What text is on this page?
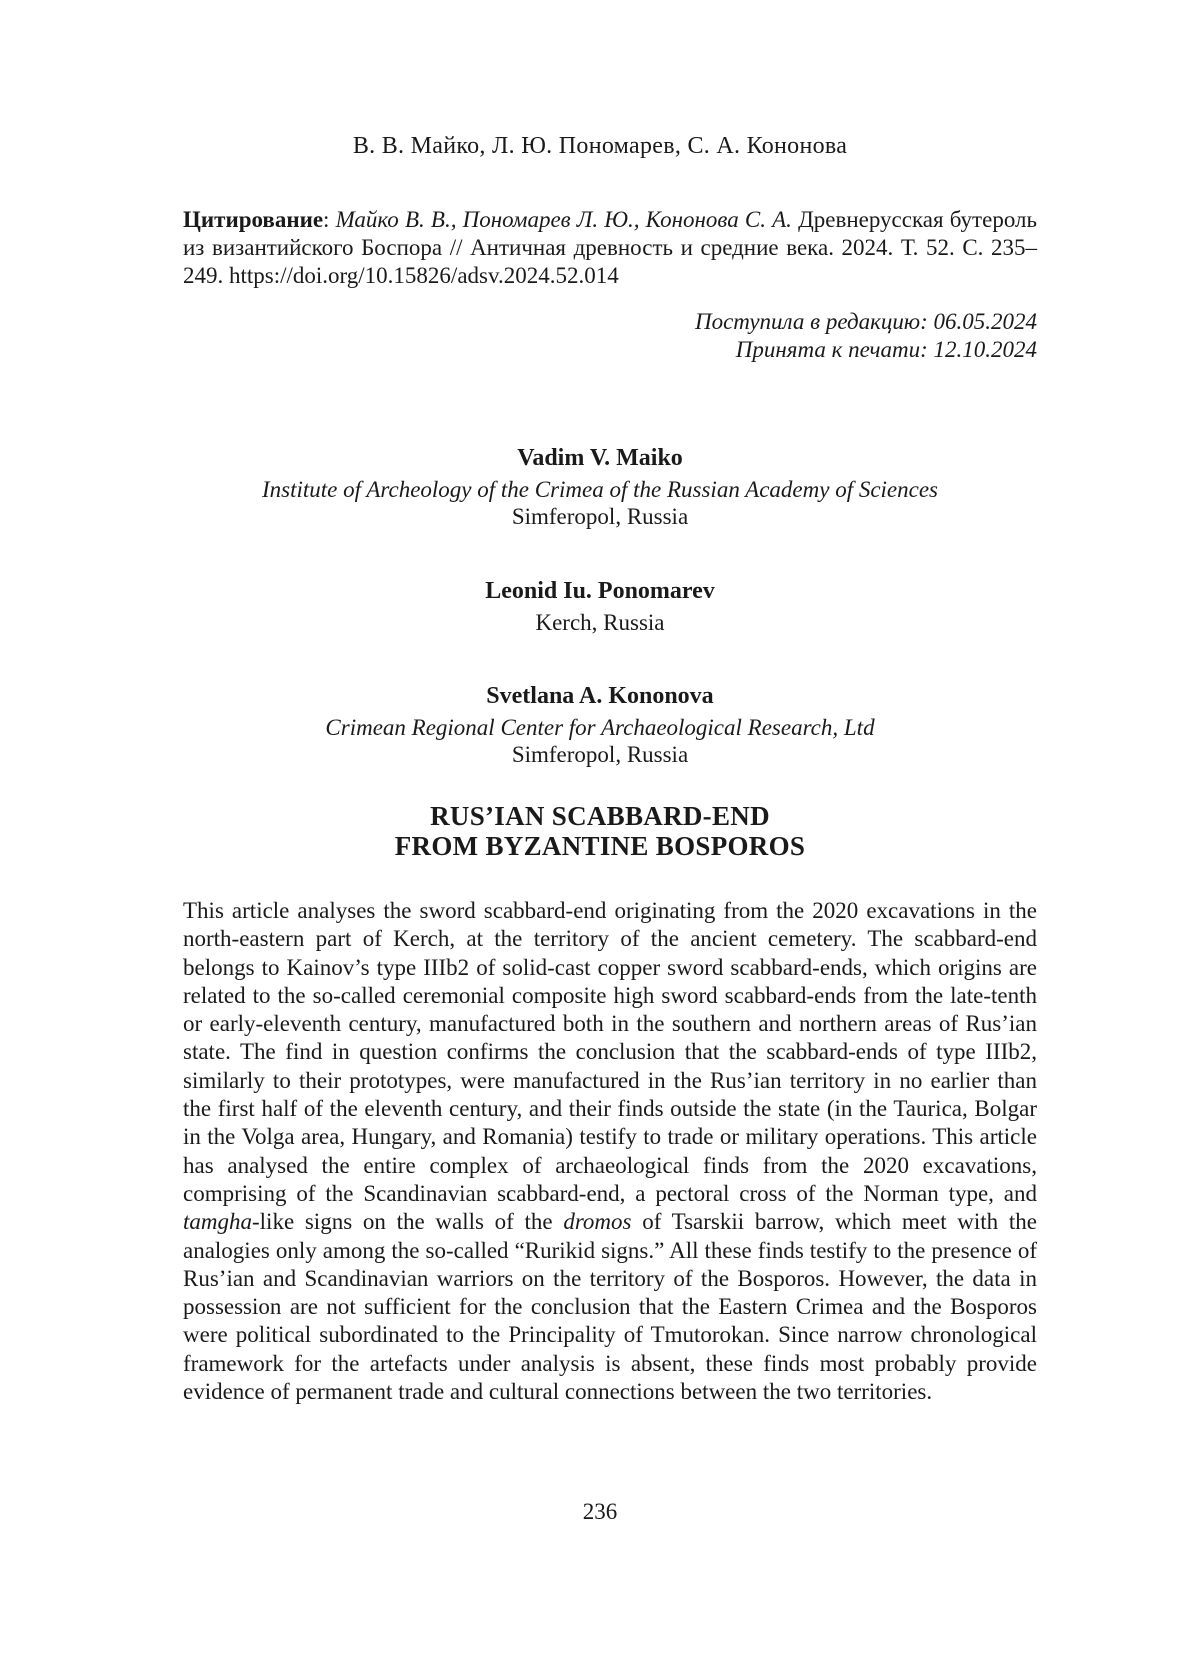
В. В. Майко, Л. Ю. Пономарев, С. А. Кононова
Цитирование: Майко В. В., Пономарев Л. Ю., Кононова С. А. Древнерусская бутероль из византийского Боспора // Античная древность и средние века. 2024. Т. 52. С. 235–249. https://doi.org/10.15826/adsv.2024.52.014
Поступила в редакцию: 06.05.2024
Принята к печати: 12.10.2024
Vadim V. Maiko
Institute of Archeology of the Crimea of the Russian Academy of Sciences
Simferopol, Russia
Leonid Iu. Ponomarev
Kerch, Russia
Svetlana A. Kononova
Crimean Regional Center for Archaeological Research, Ltd
Simferopol, Russia
RUS’IAN SCABBARD-END
FROM BYZANTINE BOSPOROS
This article analyses the sword scabbard-end originating from the 2020 excavations in the north-eastern part of Kerch, at the territory of the ancient cemetery. The scabbard-end belongs to Kainov’s type IIIb2 of solid-cast copper sword scabbard-ends, which origins are related to the so-called ceremonial composite high sword scabbard-ends from the late-tenth or early-eleventh century, manufactured both in the southern and northern areas of Rus’ian state. The find in question confirms the conclusion that the scabbard-ends of type IIIb2, similarly to their prototypes, were manufactured in the Rus’ian territory in no earlier than the first half of the eleventh century, and their finds outside the state (in the Taurica, Bolgar in the Volga area, Hungary, and Romania) testify to trade or military operations. This article has analysed the entire complex of archaeological finds from the 2020 excavations, comprising of the Scandinavian scabbard-end, a pectoral cross of the Norman type, and tamgha-like signs on the walls of the dromos of Tsarskii barrow, which meet with the analogies only among the so-called “Rurikid signs.” All these finds testify to the presence of Rus’ian and Scandinavian warriors on the territory of the Bosporos. However, the data in possession are not sufficient for the conclusion that the Eastern Crimea and the Bosporos were political subordinated to the Principality of Tmutorokan. Since narrow chronological framework for the artefacts under analysis is absent, these finds most probably provide evidence of permanent trade and cultural connections between the two territories.
236
